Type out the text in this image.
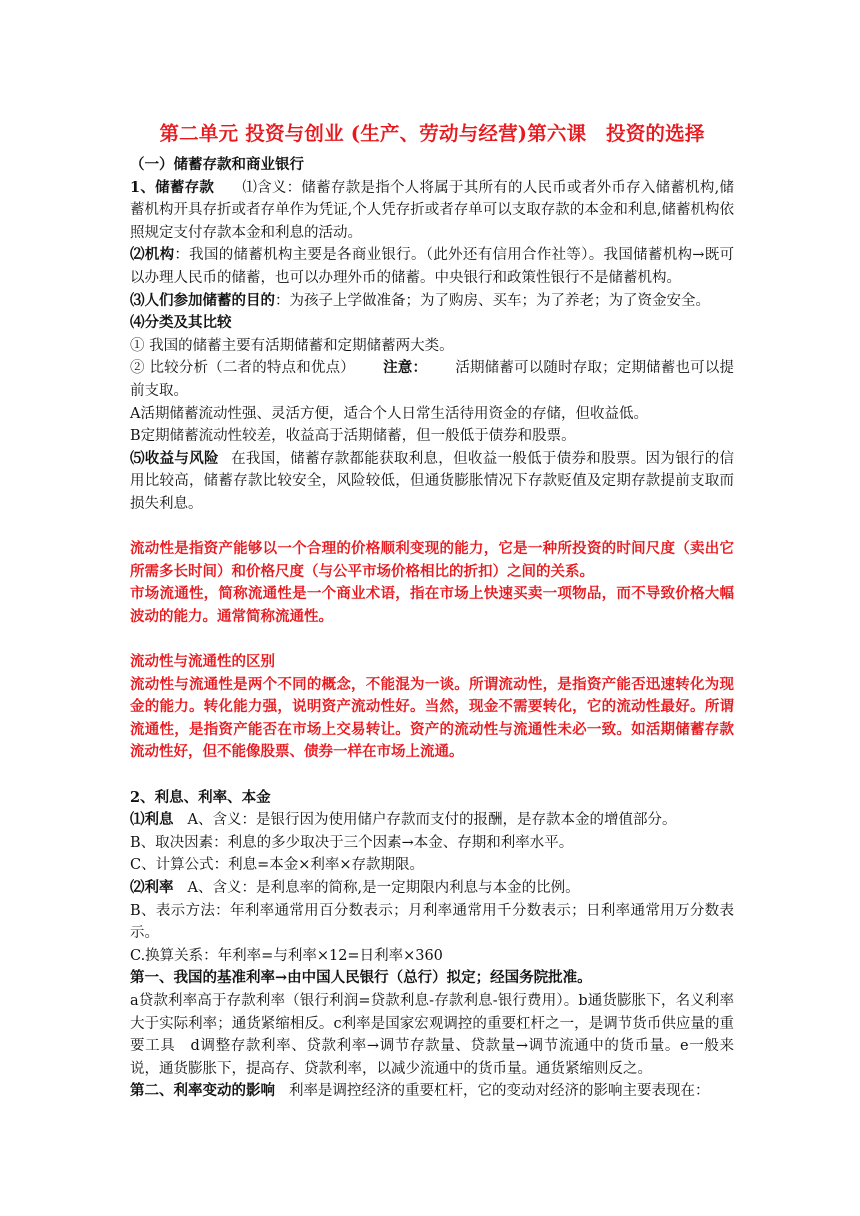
第二单元 投资与创业 (生产、劳动与经营)第六课　投资的选择

（一）储蓄存款和商业银行

1、储蓄存款 ⑴含义：储蓄存款是指个人将属于其所有的人民币或者外币存入储蓄机构,储蓄机构开具存折或者存单作为凭证,个人凭存折或者存单可以支取存款的本金和利息,储蓄机构依照规定支付存款本金和利息的活动。

⑵机构：我国的储蓄机构主要是各商业银行。（此外还有信用合作社等）。我国储蓄机构→既可以办理人民币的储蓄，也可以办理外币的储蓄。中央银行和政策性银行不是储蓄机构。

⑶人们参加储蓄的目的：为孩子上学做准备；为了购房、买车；为了养老；为了资金安全。

⑷分类及其比较

① 我国的储蓄主要有活期储蓄和定期储蓄两大类。

② 比较分析（二者的特点和优点） 注意： 活期储蓄可以随时存取；定期储蓄也可以提前支取。

A活期储蓄流动性强、灵活方便，适合个人日常生活待用资金的存储，但收益低。

B定期储蓄流动性较差，收益高于活期储蓄，但一般低于债券和股票。

⑸收益与风险 在我国，储蓄存款都能获取利息，但收益一般低于债券和股票。因为银行的信用比较高，储蓄存款比较安全，风险较低，但通货膨胀情况下存款贬值及定期存款提前支取而损失利息。

流动性是指资产能够以一个合理的价格顺利变现的能力，它是一种所投资的时间尺度（卖出它所需多长时间）和价格尺度（与公平市场价格相比的折扣）之间的关系。

市场流通性，简称流通性是一个商业术语，指在市场上快速买卖一项物品，而不导致价格大幅波动的能力。通常简称流通性。

流动性与流通性的区别

流动性与流通性是两个不同的概念，不能混为一谈。所谓流动性，是指资产能否迅速转化为现金的能力。转化能力强，说明资产流动性好。当然，现金不需要转化，它的流动性最好。所谓流通性，是指资产能否在市场上交易转让。资产的流动性与流通性未必一致。如活期储蓄存款流动性好，但不能像股票、债券一样在市场上流通。

2、利息、利率、本金

⑴利息 A、含义：是银行因为使用储户存款而支付的报酬，是存款本金的增值部分。

B、取决因素：利息的多少取决于三个因素→本金、存期和利率水平。

C、计算公式：利息=本金×利率×存款期限。

⑵利率 A、含义：是利息率的简称,是一定期限内利息与本金的比例。

B、表示方法：年利率通常用百分数表示；月利率通常用千分数表示；日利率通常用万分数表示。

C.换算关系：年利率=与利率×12=日利率×360

第一、我国的基准利率→由中国人民银行（总行）拟定；经国务院批准。

a贷款利率高于存款利率（银行利润=贷款利息-存款利息-银行费用）。b通货膨胀下，名义利率大于实际利率；通货紧缩相反。c利率是国家宏观调控的重要杠杆之一，是调节货币供应量的重要工具　d调整存款利率、贷款利率→调节存款量、贷款量→调节流通中的货币量。e一般来说，通货膨胀下，提高存、贷款利率，以减少流通中的货币量。通货紧缩则反之。

第二、利率变动的影响 利率是调控经济的重要杠杆，它的变动对经济的影响主要表现在：
